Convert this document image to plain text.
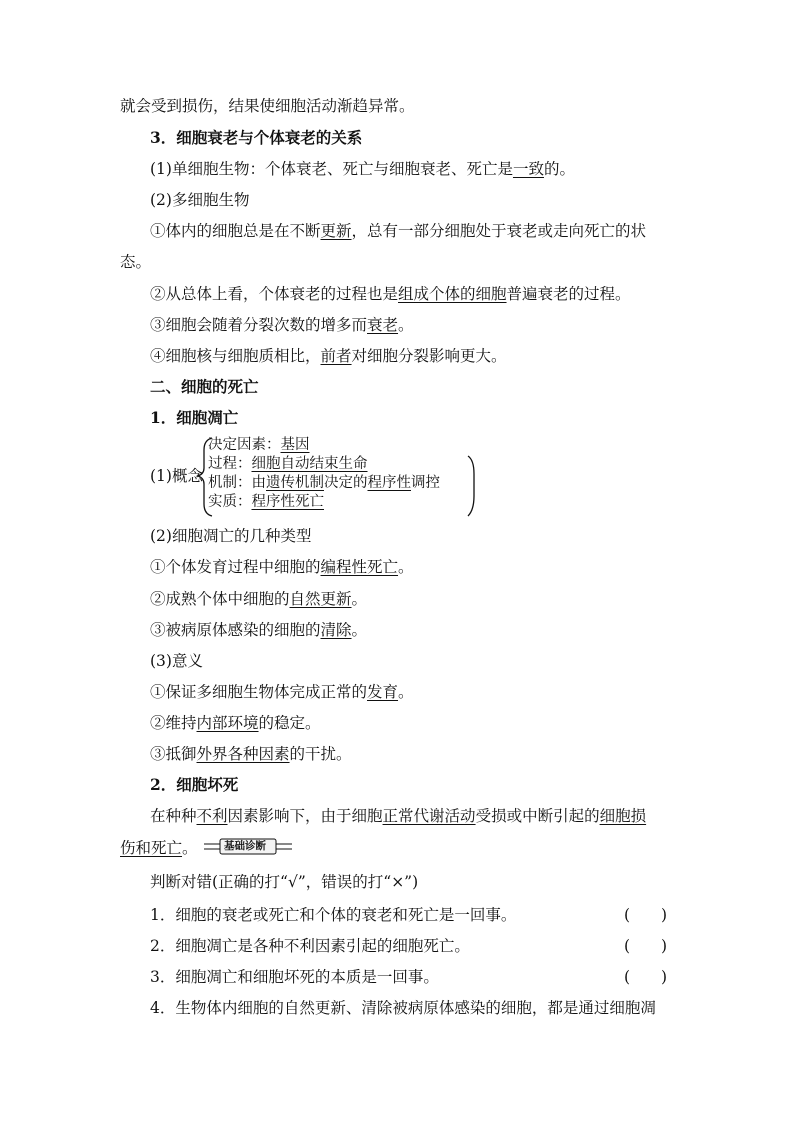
就会受到损伤，结果使细胞活动渐趋异常。
3．细胞衰老与个体衰老的关系
(1)单细胞生物：个体衰老、死亡与细胞衰老、死亡是一致的。
(2)多细胞生物
①体内的细胞总是在不断更新，总有一部分细胞处于衰老或走向死亡的状
态。
②从总体上看，个体衰老的过程也是组成个体的细胞普遍衰老的过程。
③细胞会随着分裂次数的增多而衰老。
④细胞核与细胞质相比，前者对细胞分裂影响更大。
二、细胞的死亡
1．细胞凋亡
(1)概念
决定因素：基因
过程：细胞自动结束生命
机制：由遗传机制决定的程序性调控
实质：程序性死亡
(2)细胞凋亡的几种类型
①个体发育过程中细胞的编程性死亡。
②成熟个体中细胞的自然更新。
③被病原体感染的细胞的清除。
(3)意义
①保证多细胞生物体完成正常的发育。
②维持内部环境的稳定。
③抵御外界各种因素的干扰。
2．细胞坏死
在种种不利因素影响下，由于细胞正常代谢活动受损或中断引起的细胞损
伤和死亡。	基础诊断
判断对错(正确的打“√”，错误的打“×”)
1．细胞的衰老或死亡和个体的衰老和死亡是一回事。	(　　)
2．细胞凋亡是各种不利因素引起的细胞死亡。	(　　)
3．细胞凋亡和细胞坏死的本质是一回事。	(　　)
4．生物体内细胞的自然更新、清除被病原体感染的细胞，都是通过细胞凋
